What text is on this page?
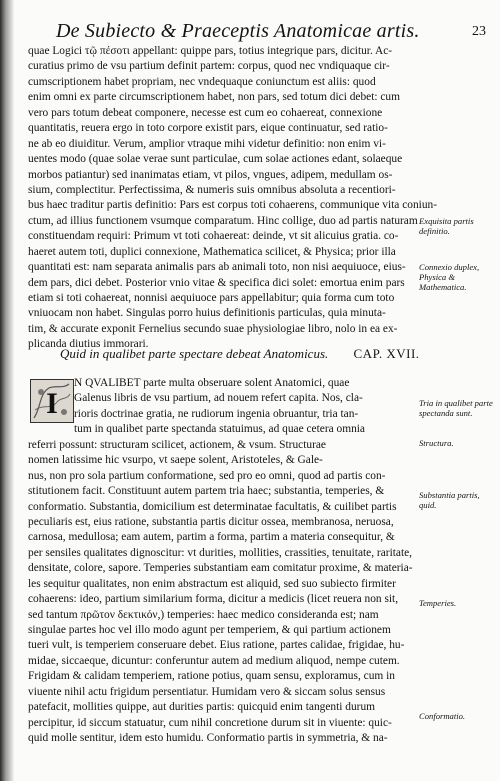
De Subiecto & Praeceptis Anatomicae artis.	23
quae Logici τῷ πέσοτι appellant: quippe pars, totius integrique pars, dicitur. Ac-
curatius primo de vsu partium definit partem: corpus, quod nec vndiquaque cir-
cumscriptionem habet propriam, nec vndequaque coniunctum est aliis: quod
enim omni ex parte circumscriptionem habet, non pars, sed totum dici debet: cum
vero pars totum debeat componere, necesse est cum eo cohaereat, connexione
quantitatis, reuera ergo in toto corpore existit pars, eique continuatur, sed ratio-
ne ab eo diuiditur. Verum, amplior vtraque mihi videtur definitio: non enim vi-
uentes modo (quae solae verae sunt particulae, cum solae actiones edant, solaeque
morbos patiantur) sed inanimatas etiam, vt pilos, vngues, adipem, medullam os-
sium, complectitur. Perfectissima, & numeris suis omnibus absoluta a recentiori-
bus haec traditur partis definitio: Pars est corpus toti cohaerens, communique vita coniun-
ctum, ad illius functionem vsumque comparatum. Hinc collige, duo ad partis naturam
constituendam requiri: Primum vt toti cohaereat: deinde, vt sit alicuius gratia. co-
haeret autem toti, duplici connexione, Mathematica scilicet, & Physica; prior illa
quantitati est: nam separata animalis pars ab animali toto, non nisi aequiuoce, eius-
dem pars, dici debet. Posterior vnio vitae & specifica dici solet: emortua enim pars
etiam si toti cohaereat, nonnisi aequiuoce pars appellabitur; quia forma cum toto
vniuocam non habet. Singulas porro huius definitionis particulas, quia minuta-
tim, & accurate exponit Fernelius secundo suae physiologiae libro, nolo in ea ex-
plicanda diutius immorari.
Quid in qualibet parte spectare debeat Anatomicus. CAP. XVII.
I
N QVALIBET parte multa obseruare solent Anatomici, quae
Galenus libris de vsu partium, ad nouem refert capita. Nos, cla-
rioris doctrinae gratia, ne rudiorum ingenia obruantur, tria tan-
tum in qualibet parte spectanda statuimus, ad quae cetera omnia
referri possunt: structuram scilicet, actionem, & vsum. Structurae
nomen latissime hic vsurpo, vt saepe solent, Aristoteles, & Gale-
nus, non pro sola partium conformatione, sed pro eo omni, quod ad partis con-
stitutionem facit. Constituunt autem partem tria haec; substantia, temperies, &
conformatio. Substantia, domicilium est determinatae facultatis, & cuilibet partis
peculiaris est, eius ratione, substantia partis dicitur ossea, membranosa, neruosa,
carnosa, medullosa; eam autem, partim a forma, partim a materia consequitur, &
per sensiles qualitates dignoscitur: vt durities, mollities, crassities, tenuitate, raritate,
densitate, colore, sapore. Temperies substantiam eam comitatur proxime, & materia-
les sequitur qualitates, non enim abstractum est aliquid, sed suo subiecto firmiter
cohaerens: ideo, partium similarium forma, dicitur a medicis (licet reuera non sit,
sed tantum πρῶτον δεκτικόν,) temperies: haec medico consideranda est; nam
singulae partes hoc vel illo modo agunt per temperiem, & qui partium actionem
tueri vult, is temperiem conseruare debet. Eius ratione, partes calidae, frigidae, hu-
midae, siccaeque, dicuntur: conferuntur autem ad medium aliquod, nempe cutem.
Frigidam & calidam temperiem, ratione potius, quam sensu, exploramus, cum in
viuente nihil actu frigidum persentiatur. Humidam vero & siccam solus sensus
patefacit, mollities quippe, aut durities partis: quicquid enim tangenti durum
percipitur, id siccum statuatur, cum nihil concretione durum sit in viuente: quic-
quid molle sentitur, idem esto humidu. Conformatio partis in symmetria, & na-
Exquisita partis definitio.
Connexio duplex, Physica & Mathematica.
Tria in qualibet parte spectanda sunt.
Structura.
Substantia partis, quid.
Temperies.
Conformatio.
